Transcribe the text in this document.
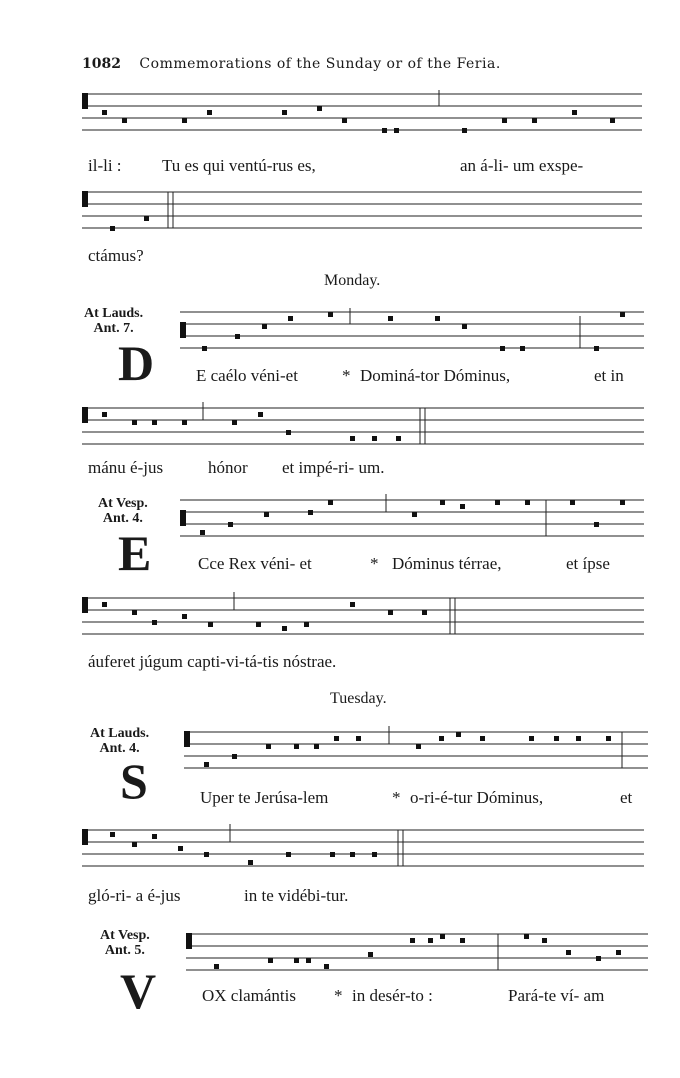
1082 Commemorations of the Sunday or of the Feria.
il-li : Tu es qui ventú-rus es,	an á-li- um exspe-
ctámus?
Monday.
At Lauds.
Ant. 7.
D E caélo véni-et	* Dominá-tor Dóminus,	et in
mánu é-jus	hónor et impé-ri- um.
At Vesp.
Ant. 4.
E	Cce Rex véni- et	* Dóminus térrae,	et ípse
áuferet júgum capti-vi-tá-tis nóstrae.
Tuesday.
At Lauds.
Ant. 4.
S	Uper te Jerúsa-lem	* o-ri-é-tur Dóminus,	et
gló-ri- a é-jus	in te vidébi-tur.
At Vesp.
Ant. 5.
V	OX clamántis * in desér-to :	Pará-te ví- am
